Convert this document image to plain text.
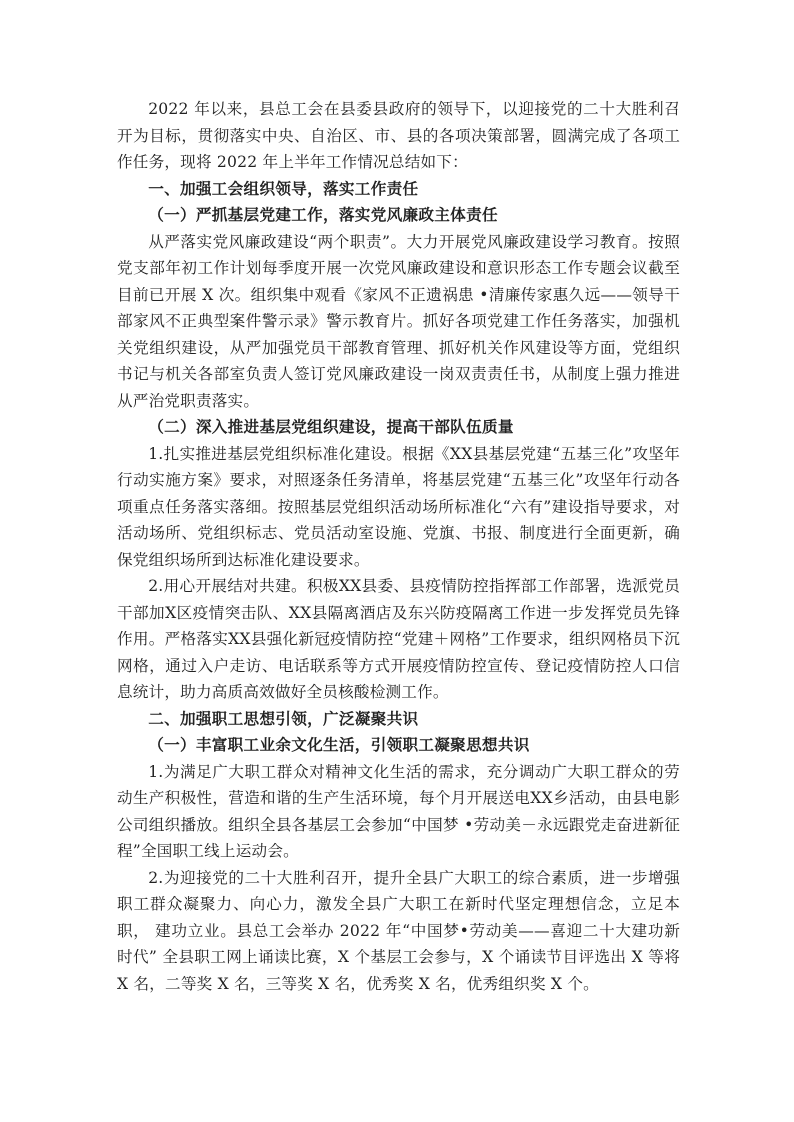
2022 年以来，县总工会在县委县政府的领导下，以迎接党的二十大胜利召开为目标，贯彻落实中央、自治区、市、县的各项决策部署，圆满完成了各项工作任务，现将 2022 年上半年工作情况总结如下：

一、加强工会组织领导，落实工作责任

（一）严抓基层党建工作，落实党风廉政主体责任

从严落实党风廉政建设“两个职责”。大力开展党风廉政建设学习教育。按照党支部年初工作计划每季度开展一次党风廉政建设和意识形态工作专题会议截至目前已开展 X 次。组织集中观看《家风不正遗祸患 •清廉传家惠久远——领导干部家风不正典型案件警示录》警示教育片。抓好各项党建工作任务落实，加强机关党组织建设，从严加强党员干部教育管理、抓好机关作风建设等方面，党组织书记与机关各部室负责人签订党风廉政建设一岗双责责任书，从制度上强力推进从严治党职责落实。

（二）深入推进基层党组织建设，提高干部队伍质量

1.扎实推进基层党组织标准化建设。根据《XX县基层党建“五基三化”攻坚年行动实施方案》要求，对照逐条任务清单，将基层党建“五基三化”攻坚年行动各项重点任务落实落细。按照基层党组织活动场所标准化“六有”建设指导要求，对活动场所、党组织标志、党员活动室设施、党旗、书报、制度进行全面更新，确保党组织场所到达标准化建设要求。

2.用心开展结对共建。积极XX县委、县疫情防控指挥部工作部署，选派党员干部加X区疫情突击队、XX县隔离酒店及东兴防疫隔离工作进一步发挥党员先锋作用。严格落实XX县强化新冠疫情防控“党建＋网格”工作要求，组织网格员下沉网格，通过入户走访、电话联系等方式开展疫情防控宣传、登记疫情防控人口信息统计，助力高质高效做好全员核酸检测工作。

二、加强职工思想引领，广泛凝聚共识

（一）丰富职工业余文化生活，引领职工凝聚思想共识

1.为满足广大职工群众对精神文化生活的需求，充分调动广大职工群众的劳动生产积极性，营造和谐的生产生活环境，每个月开展送电XX乡活动，由县电影公司组织播放。组织全县各基层工会参加“中国梦 •劳动美－永远跟党走奋进新征程”全国职工线上运动会。

2.为迎接党的二十大胜利召开，提升全县广大职工的综合素质，进一步增强职工群众凝聚力、向心力，激发全县广大职工在新时代坚定理想信念，立足本职， 建功立业。县总工会举办 2022 年“中国梦•劳动美——喜迎二十大建功新时代” 全县职工网上诵读比赛，X 个基层工会参与，X 个诵读节目评选出 X 等将 X 名，二等奖 X 名，三等奖 X 名，优秀奖 X 名，优秀组织奖 X 个。
